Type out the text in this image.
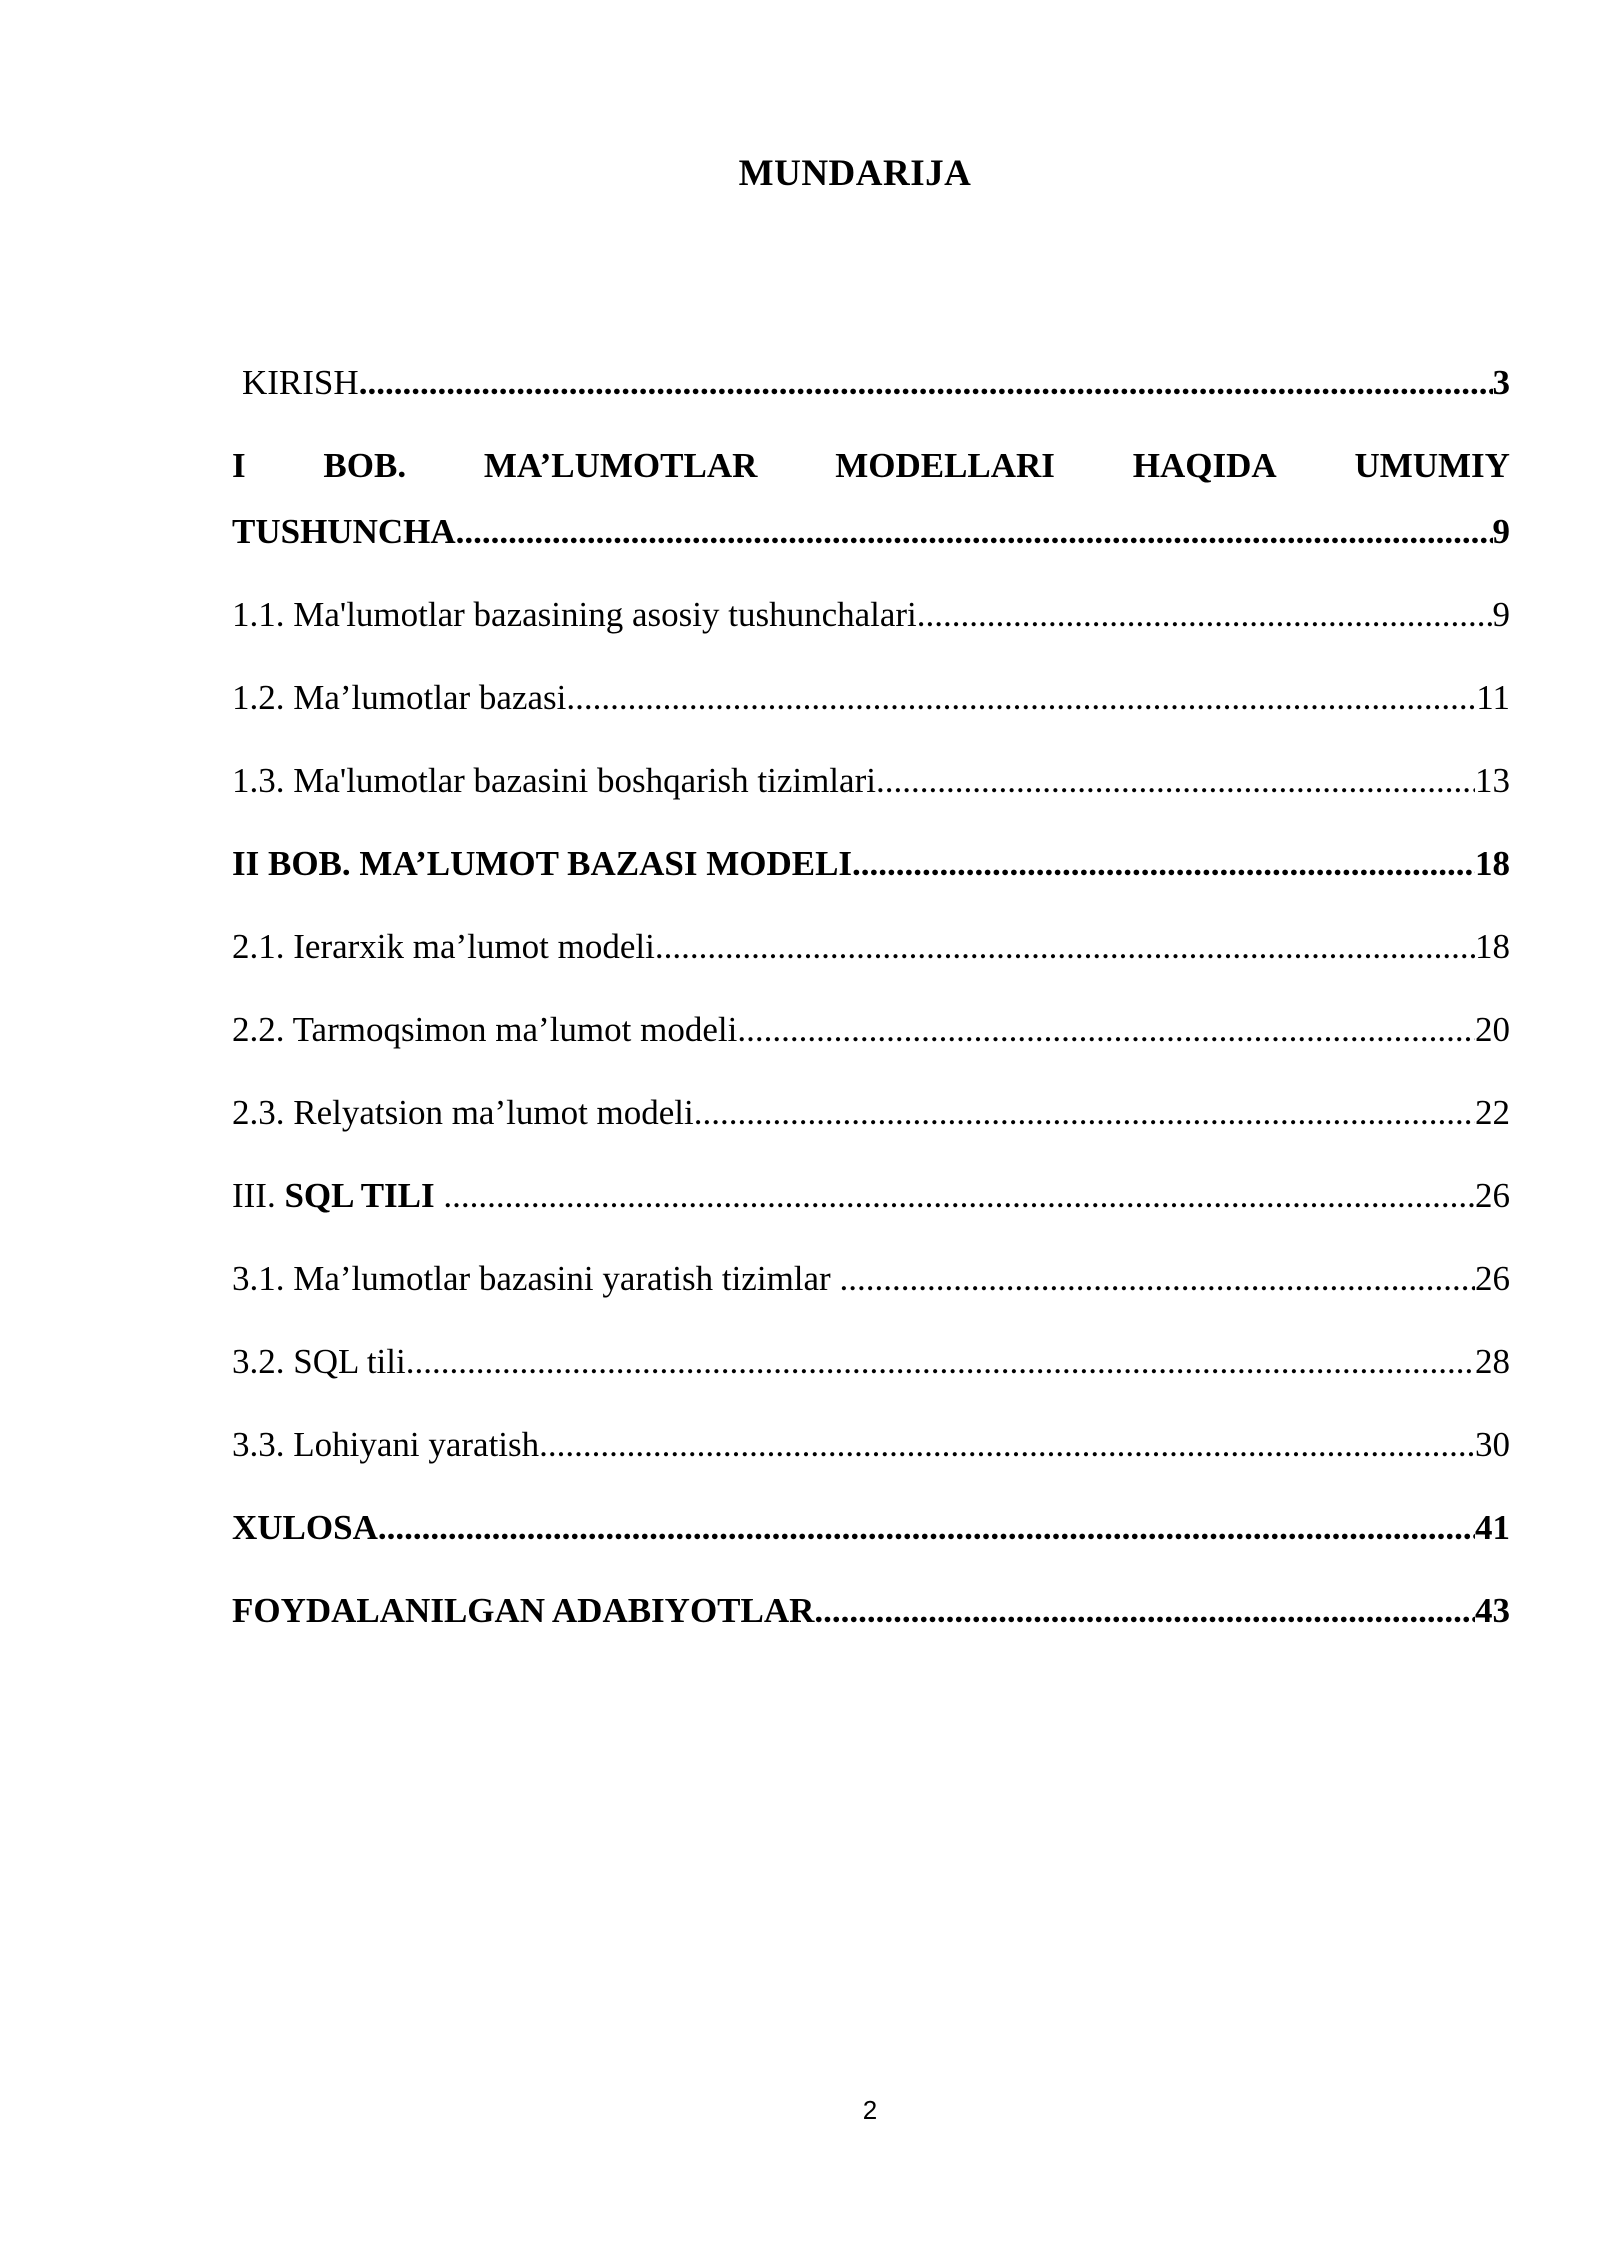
MUNDARIJA
KIRISH .....	3
I BOB. MA’LUMOTLAR MODELLARI HAQIDA UMUMIY
TUSHUNCHA .....	9
1.1. Ma'lumotlar bazasining asosiy tushunchalari .....	9
1.2. Ma’lumotlar bazasi .....	11
1.3. Ma'lumotlar bazasini boshqarish tizimlari .....	13
II BOB. MA’LUMOT BAZASI MODELI .....	18
2.1. Ierarxik ma’lumot modeli .....	18
2.2. Tarmoqsimon ma’lumot modeli .....	20
2.3. Relyatsion ma’lumot modeli .....	22
III. SQL TILI .....	26
3.1. Ma’lumotlar bazasini yaratish tizimlar .....	26
3.2. SQL tili .....	28
3.3. Lohiyani yaratish .....	30
XULOSA .....	41
FOYDALANILGAN ADABIYOTLAR .....	43
2
